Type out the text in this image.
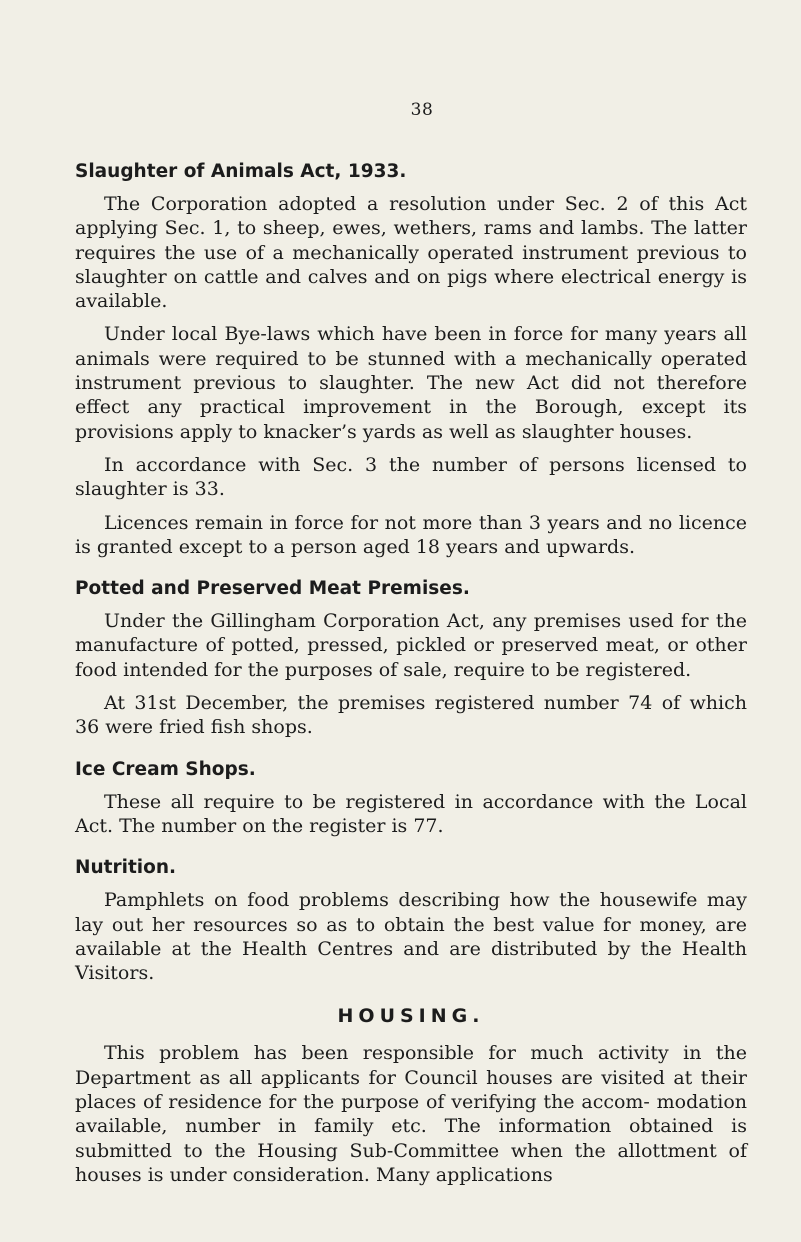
38
Slaughter of Animals Act, 1933.

The Corporation adopted a resolution under Sec. 2 of this Act applying Sec. 1, to sheep, ewes, wethers, rams and lambs. The latter requires the use of a mechanically operated instrument previous to slaughter on cattle and calves and on pigs where electrical energy is available.

Under local Bye-laws which have been in force for many years all animals were required to be stunned with a mechanically operated instrument previous to slaughter. The new Act did not therefore effect any practical improvement in the Borough, except its provisions apply to knacker’s yards as well as slaughter houses.

In accordance with Sec. 3 the number of persons licensed to slaughter is 33.

Licences remain in force for not more than 3 years and no licence is granted except to a person aged 18 years and upwards.

Potted and Preserved Meat Premises.

Under the Gillingham Corporation Act, any premises used for the manufacture of potted, pressed, pickled or preserved meat, or other food intended for the purposes of sale, require to be registered.

At 31st December, the premises registered number 74 of which 36 were fried fish shops.

Ice Cream Shops.

These all require to be registered in accordance with the Local Act. The number on the register is 77.

Nutrition.

Pamphlets on food problems describing how the housewife may lay out her resources so as to obtain the best value for money, are available at the Health Centres and are distributed by the Health Visitors.

HOUSING.

This problem has been responsible for much activity in the Department as all applicants for Council houses are visited at their places of residence for the purpose of verifying the accom- modation available, number in family etc. The information obtained is submitted to the Housing Sub-Committee when the allottment of houses is under consideration. Many applications
